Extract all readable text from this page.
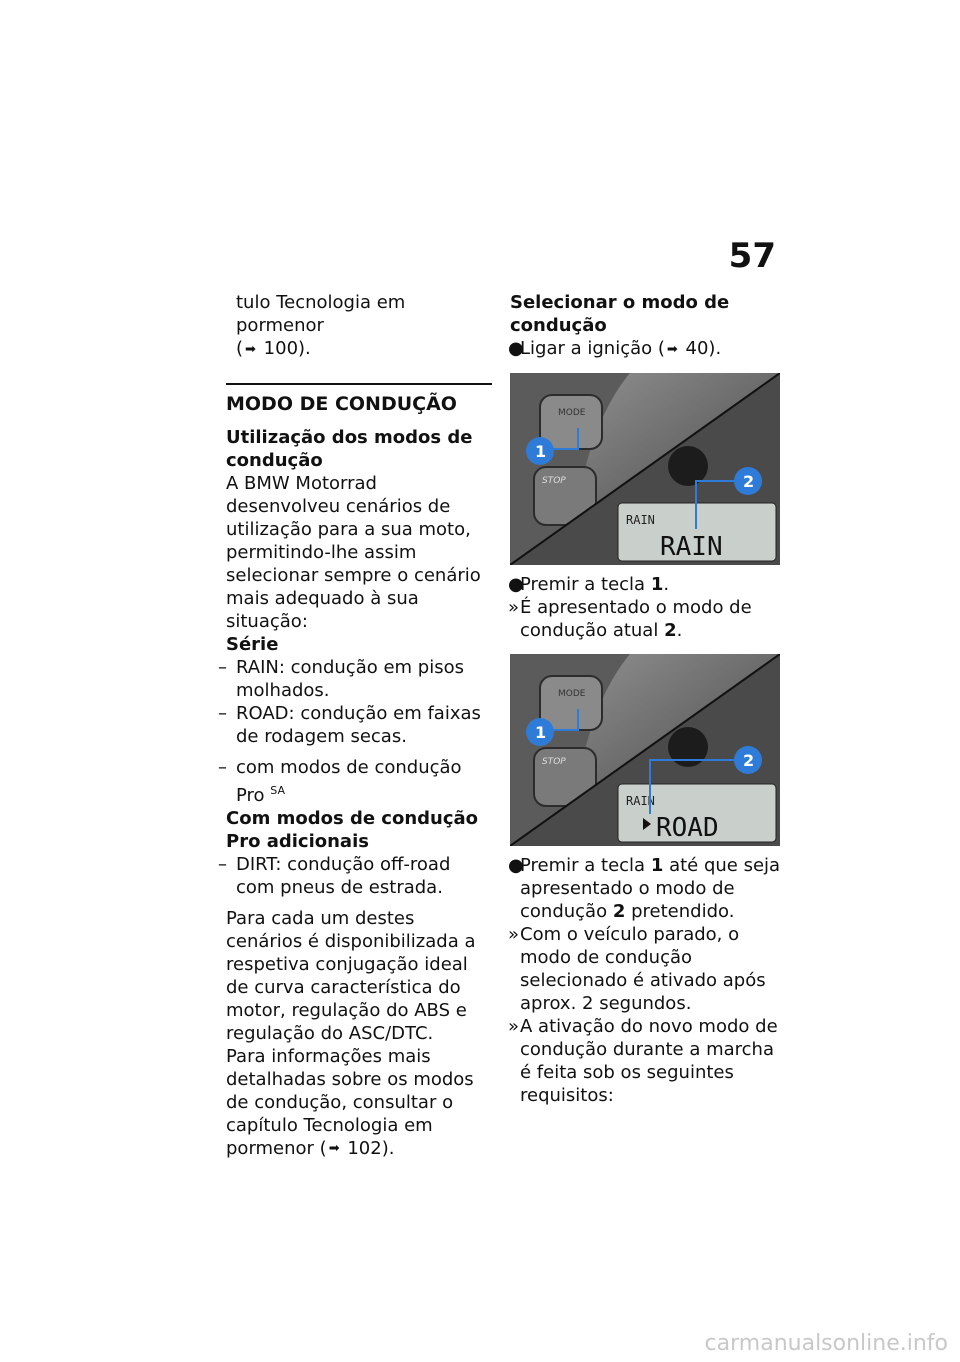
57

tulo Tecnologia em pormenor

( ➡ 100).

MODO DE CONDUÇÃO
Utilização dos modos de condução

A BMW Motorrad desenvolveu cenários de utilização para a sua moto, permitindo-lhe assim selecionar sempre o cenário mais adequado à sua situação:

Série

– RAIN: condução em pisos molhados.
– ROAD: condução em faixas de rodagem secas.
– com modos de condução Pro $^{SA}$

Com modos de condução Pro adicionais

– DIRT: condução off-road com pneus de estrada.

Para cada um destes cenários é disponibilizada a respetiva conjugação ideal de curva característica do motor, regulação do ABS e regulação do ASC/DTC.

Para informações mais detalhadas sobre os modos de condução, consultar o capítulo Tecnologia em pormenor ( ➡ 102).

Selecionar o modo de condução

●
Ligar a ignição ( ➡ 40).
MODE
STOP
RAIN
RAIN
1
2
●
Premir a tecla 1.
» É apresentado o modo de condução atual 2.
MODE
STOP
RAIN
ROAD
1
2
●
Premir a tecla 1 até que seja apresentado o modo de condução 2 pretendido.
» Com o veículo parado, o modo de condução selecionado é ativado após aprox. 2 segundos.
» A ativação do novo modo de condução durante a marcha é feita sob os seguintes requisitos:
carmanualsonline.info
